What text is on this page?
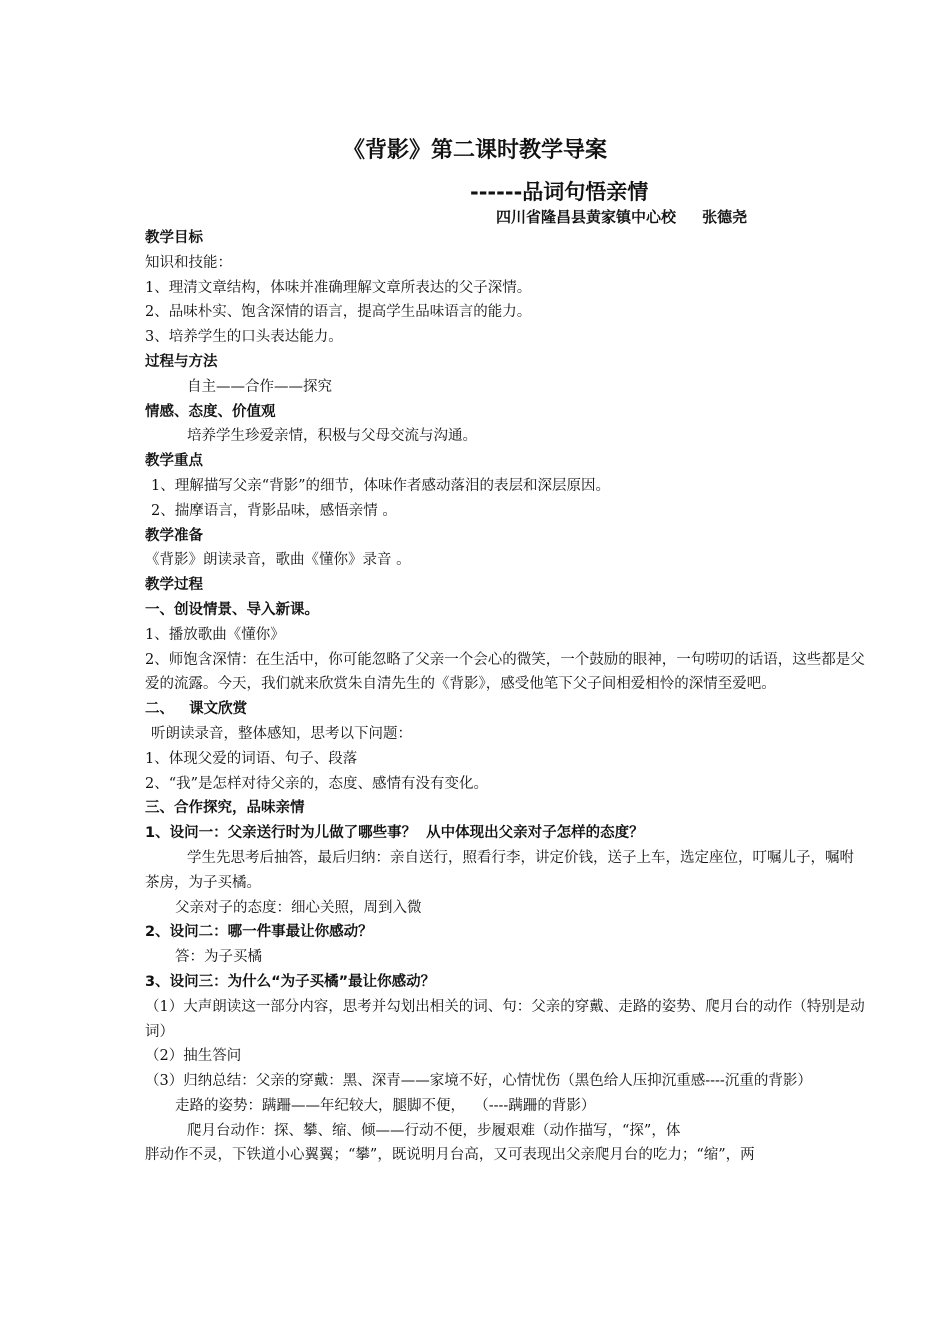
《背影》第二课时教学导案
------品词句悟亲情
四川省隆昌县黄家镇中心校     张德尧

教学目标

知识和技能：

1、理清文章结构，体味并准确理解文章所表达的父子深情。

2、品味朴实、饱含深情的语言，提高学生品味语言的能力。

3、培养学生的口头表达能力。

过程与方法

自主——合作——探究

情感、态度、价值观

培养学生珍爱亲情，积极与父母交流与沟通。

教学重点

1、理解描写父亲“背影”的细节，体味作者感动落泪的表层和深层原因。

2、揣摩语言，背影品味，感悟亲情 。

教学准备

《背影》朗读录音，歌曲《懂你》录音 。

教学过程

一、创设情景、导入新课。

1、播放歌曲《懂你》

2、师饱含深情：在生活中，你可能忽略了父亲一个会心的微笑，一个鼓励的眼神，一句唠叨的话语，这些都是父爱的流露。今天，我们就来欣赏朱自清先生的《背影》，感受他笔下父子间相爱相怜的深情至爱吧。

二、   课文欣赏

听朗读录音，整体感知，思考以下问题：

1、体现父爱的词语、句子、段落

2、“我”是怎样对待父亲的，态度、感情有没有变化。

三、合作探究，品味亲情

1、设问一：父亲送行时为儿做了哪些事？  从中体现出父亲对子怎样的态度？

学生先思考后抽答，最后归纳：亲自送行，照看行李，讲定价钱，送子上车，选定座位，叮嘱儿子，嘱咐茶房，为子买橘。

父亲对子的态度：细心关照，周到入微

2、设问二：哪一件事最让你感动？

答：为子买橘

3、设问三：为什么“为子买橘”最让你感动？

（1）大声朗读这一部分内容，思考并勾划出相关的词、句：父亲的穿戴、走路的姿势、爬月台的动作（特别是动词）

（2）抽生答问

（3）归纳总结：父亲的穿戴：黑、深青——家境不好，心情忧伤（黑色给人压抑沉重感----沉重的背影）

走路的姿势：蹒跚——年纪较大，腿脚不便，  （----蹒跚的背影）

爬月台动作：探、攀、缩、倾——行动不便，步履艰难（动作描写，“探”，体

胖动作不灵，下铁道小心翼翼；“攀”，既说明月台高，又可表现出父亲爬月台的吃力；“缩”，两
